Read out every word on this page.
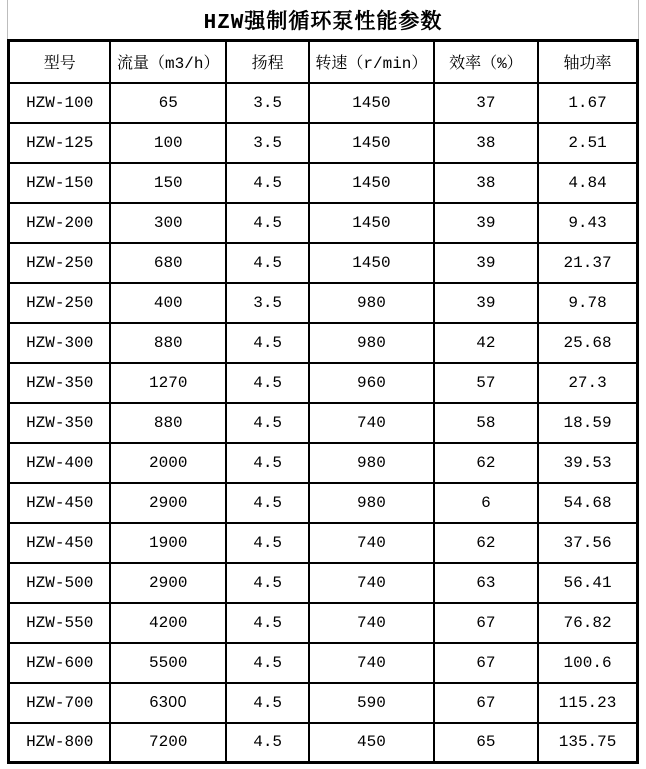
HZW强制循环泵性能参数
型号	流量（m3/h）	扬程	转速（r/min）	效率（%）	轴功率
HZW-100	65	3.5	1450	37	1.67
HZW-125	100	3.5	1450	38	2.51
HZW-150	150	4.5	1450	38	4.84
HZW-200	300	4.5	1450	39	9.43
HZW-250	680	4.5	1450	39	21.37
HZW-250	400	3.5	980	39	9.78
HZW-300	880	4.5	980	42	25.68
HZW-350	1270	4.5	960	57	27.3
HZW-350	880	4.5	740	58	18.59
HZW-400	2000	4.5	980	62	39.53
HZW-450	2900	4.5	980	6	54.68
HZW-450	1900	4.5	740	62	37.56
HZW-500	2900	4.5	740	63	56.41
HZW-550	4200	4.5	740	67	76.82
HZW-600	5500	4.5	740	67	100.6
HZW-700	6300	4.5	590	67	115.23
HZW-800	7200	4.5	450	65	135.75
